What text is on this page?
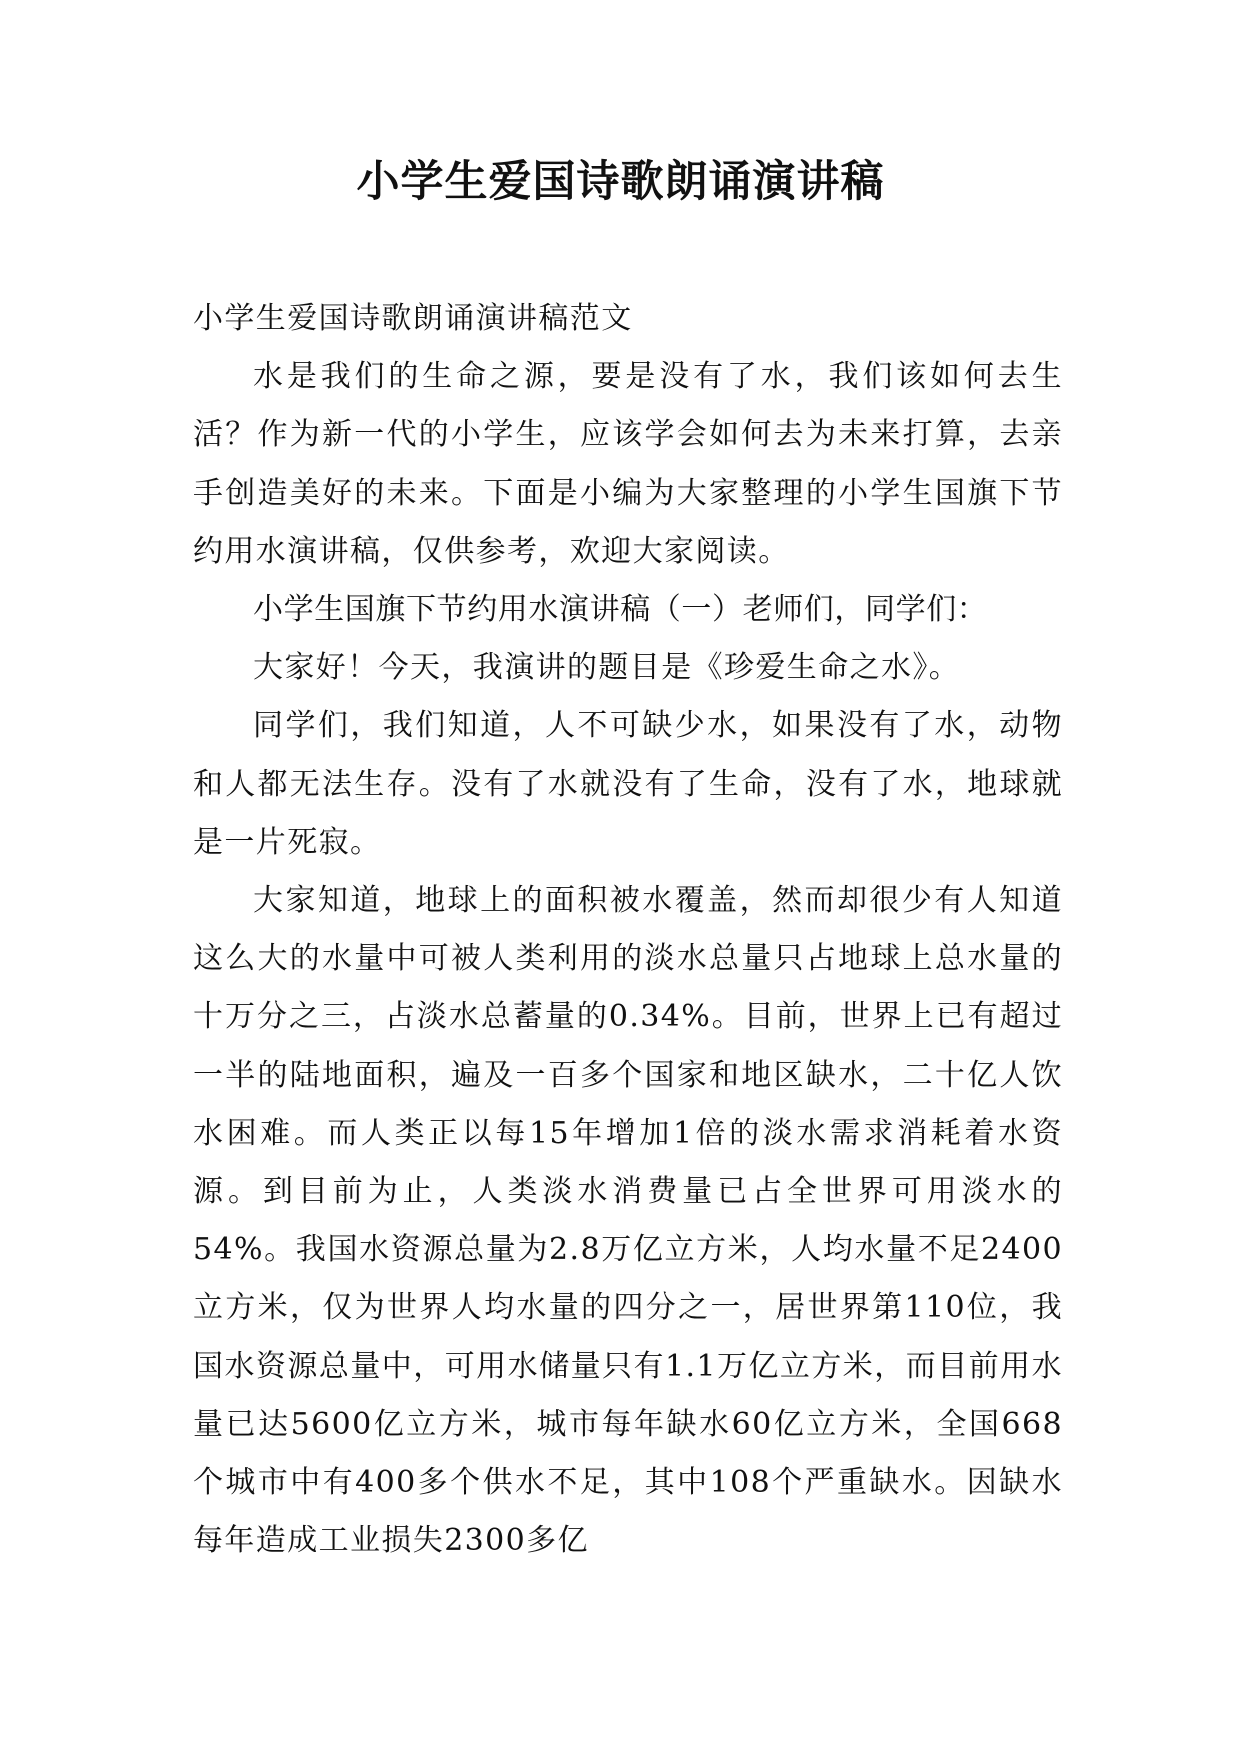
小学生爱国诗歌朗诵演讲稿

小学生爱国诗歌朗诵演讲稿范文

水是我们的生命之源，要是没有了水，我们该如何去生活？作为新一代的小学生，应该学会如何去为未来打算，去亲手创造美好的未来。下面是小编为大家整理的小学生国旗下节约用水演讲稿，仅供参考，欢迎大家阅读。

小学生国旗下节约用水演讲稿（一）老师们，同学们：

大家好！今天，我演讲的题目是《珍爱生命之水》。

同学们，我们知道，人不可缺少水，如果没有了水，动物和人都无法生存。没有了水就没有了生命，没有了水，地球就是一片死寂。

大家知道，地球上的面积被水覆盖，然而却很少有人知道这么大的水量中可被人类利用的淡水总量只占地球上总水量的十万分之三，占淡水总蓄量的0.34%。目前，世界上已有超过一半的陆地面积，遍及一百多个国家和地区缺水，二十亿人饮水困难。而人类正以每15年增加1倍的淡水需求消耗着水资源。到目前为止，人类淡水消费量已占全世界可用淡水的54%。我国水资源总量为2.8万亿立方米，人均水量不足2400立方米，仅为世界人均水量的四分之一，居世界第110位，我国水资源总量中，可用水储量只有1.1万亿立方米，而目前用水量已达5600亿立方米，城市每年缺水60亿立方米，全国668个城市中有400多个供水不足，其中108个严重缺水。因缺水每年造成工业损失2300多亿
